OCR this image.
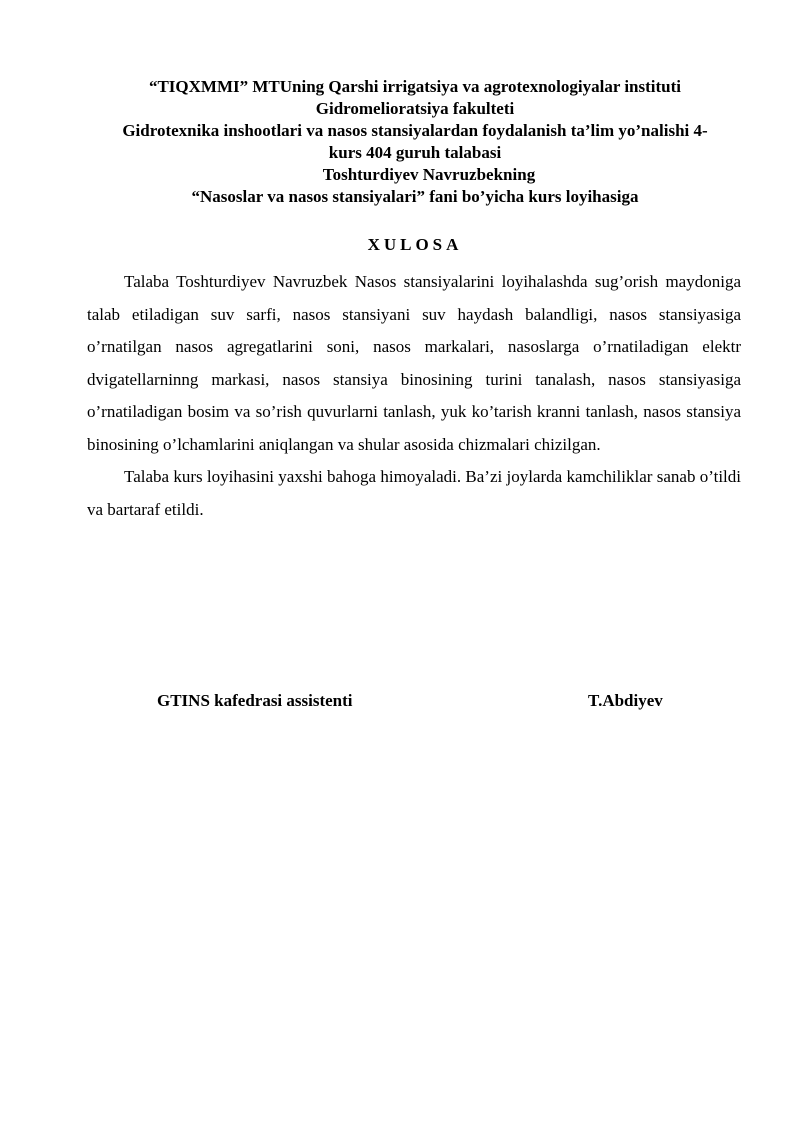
“TIQXMMI” MTUning Qarshi irrigatsiya va agrotexnologiyalar instituti
Gidromelioratsiya fakulteti
Gidrotexnika inshootlari va nasos stansiyalardan foydalanish ta’lim yo’nalishi 4-
kurs 404 guruh talabasi
Toshturdiyev Navruzbekning
“Nasoslar va nasos stansiyalari” fani bo’yicha kurs loyihasiga
XULOSA

Talaba Toshturdiyev Navruzbek Nasos stansiyalarini loyihalashda sug’orish maydoniga talab etiladigan suv sarfi, nasos stansiyani suv haydash balandligi, nasos stansiyasiga o’rnatilgan nasos agregatlarini soni, nasos markalari, nasoslarga o’rnatiladigan elektr dvigatellarninng markasi, nasos stansiya binosining turini tanalash, nasos stansiyasiga o’rnatiladigan bosim va so’rish quvurlarni tanlash, yuk ko’tarish kranni tanlash, nasos stansiya binosining o’lchamlarini aniqlangan va shular asosida chizmalari chizilgan.

Talaba kurs loyihasini yaxshi bahoga himoyaladi. Ba’zi joylarda kamchiliklar sanab o’tildi va bartaraf etildi.

GTINS kafedrasi assistenti	T.Abdiyev
